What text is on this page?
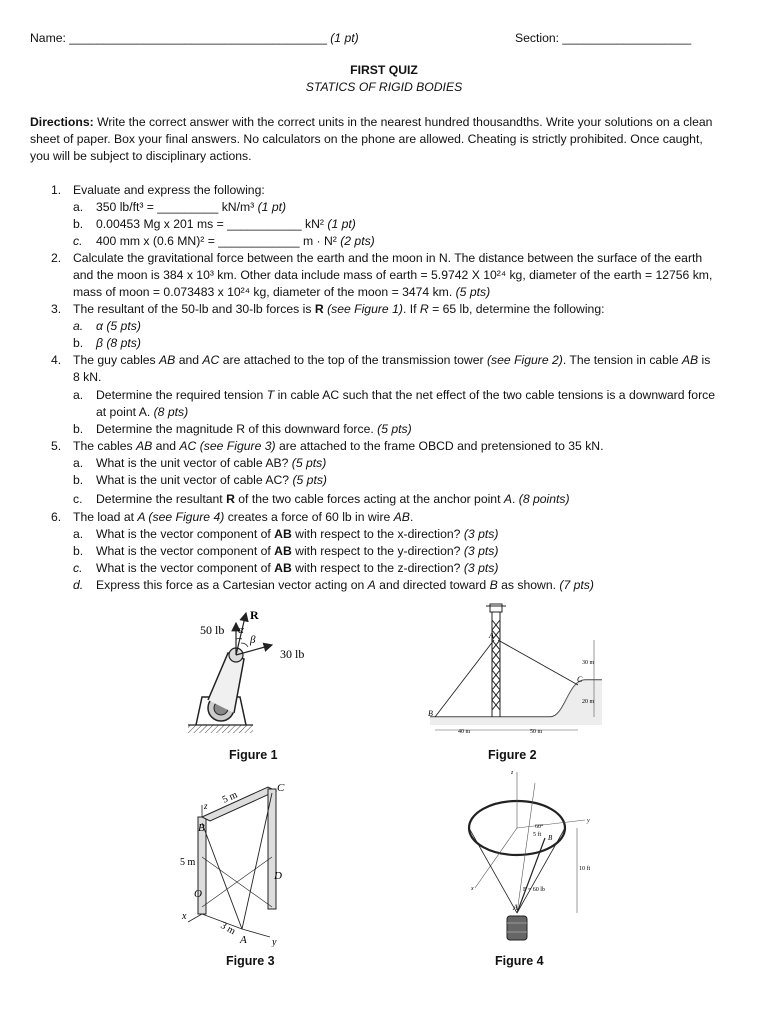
Name: ______________________________________ (1 pt)	Section: ___________________
FIRST QUIZ
STATICS OF RIGID BODIES
Directions: Write the correct answer with the correct units in the nearest hundred thousandths. Write your solutions on a clean
sheet of paper. Box your final answers. No calculators on the phone are allowed. Cheating is strictly prohibited. Once caught,
you will be subject to disciplinary actions.
1. Evaluate and express the following:
a. 350 lb/ft³ = _________ kN/m³ (1 pt)
b. 0.00453 Mg x 201 ms = ___________ kN² (1 pt)
c. 400 mm x (0.6 MN)² = ____________ m · N² (2 pts)
2. Calculate the gravitational force between the earth and the moon in N. The distance between the surface of the earth
and the moon is 384 x 10³ km. Other data include mass of earth = 5.9742 X 10²⁴ kg, diameter of the earth = 12756 km,
mass of moon = 0.073483 x 10²⁴ kg, diameter of the moon = 3474 km. (5 pts)
3. The resultant of the 50-lb and 30-lb forces is R (see Figure 1). If R = 65 lb, determine the following:
a. α (5 pts)
b. β (8 pts)
4. The guy cables AB and AC are attached to the top of the transmission tower (see Figure 2). The tension in cable AB is
8 kN.
a. Determine the required tension T in cable AC such that the net effect of the two cable tensions is a downward force
at point A. (8 pts)
b. Determine the magnitude R of this downward force. (5 pts)
5. The cables AB and AC (see Figure 3) are attached to the frame OBCD and pretensioned to 35 kN.
a. What is the unit vector of cable AB? (5 pts)
b. What is the unit vector of cable AC? (5 pts)
c. Determine the resultant R of the two cable forces acting at the anchor point A. (8 points)
6. The load at A (see Figure 4) creates a force of 60 lb in wire AB.
a. What is the vector component of AB with respect to the x-direction? (3 pts)
b. What is the vector component of AB with respect to the y-direction? (3 pts)
c. What is the vector component of AB with respect to the z-direction? (3 pts)
d. Express this force as a Cartesian vector acting on A and directed toward B as shown. (7 pts)
50 lb
30 lb
R
α
β
Figure 1
A
B
C
30 m
20 m
40 m	50 m
Figure 2
B
C
D
O
A
x
y
z
5 m
5 m
3 m
Figure 3
A
B
F = 60 lb
10 ft
5 ft
60°
x
y
z
Figure 4
